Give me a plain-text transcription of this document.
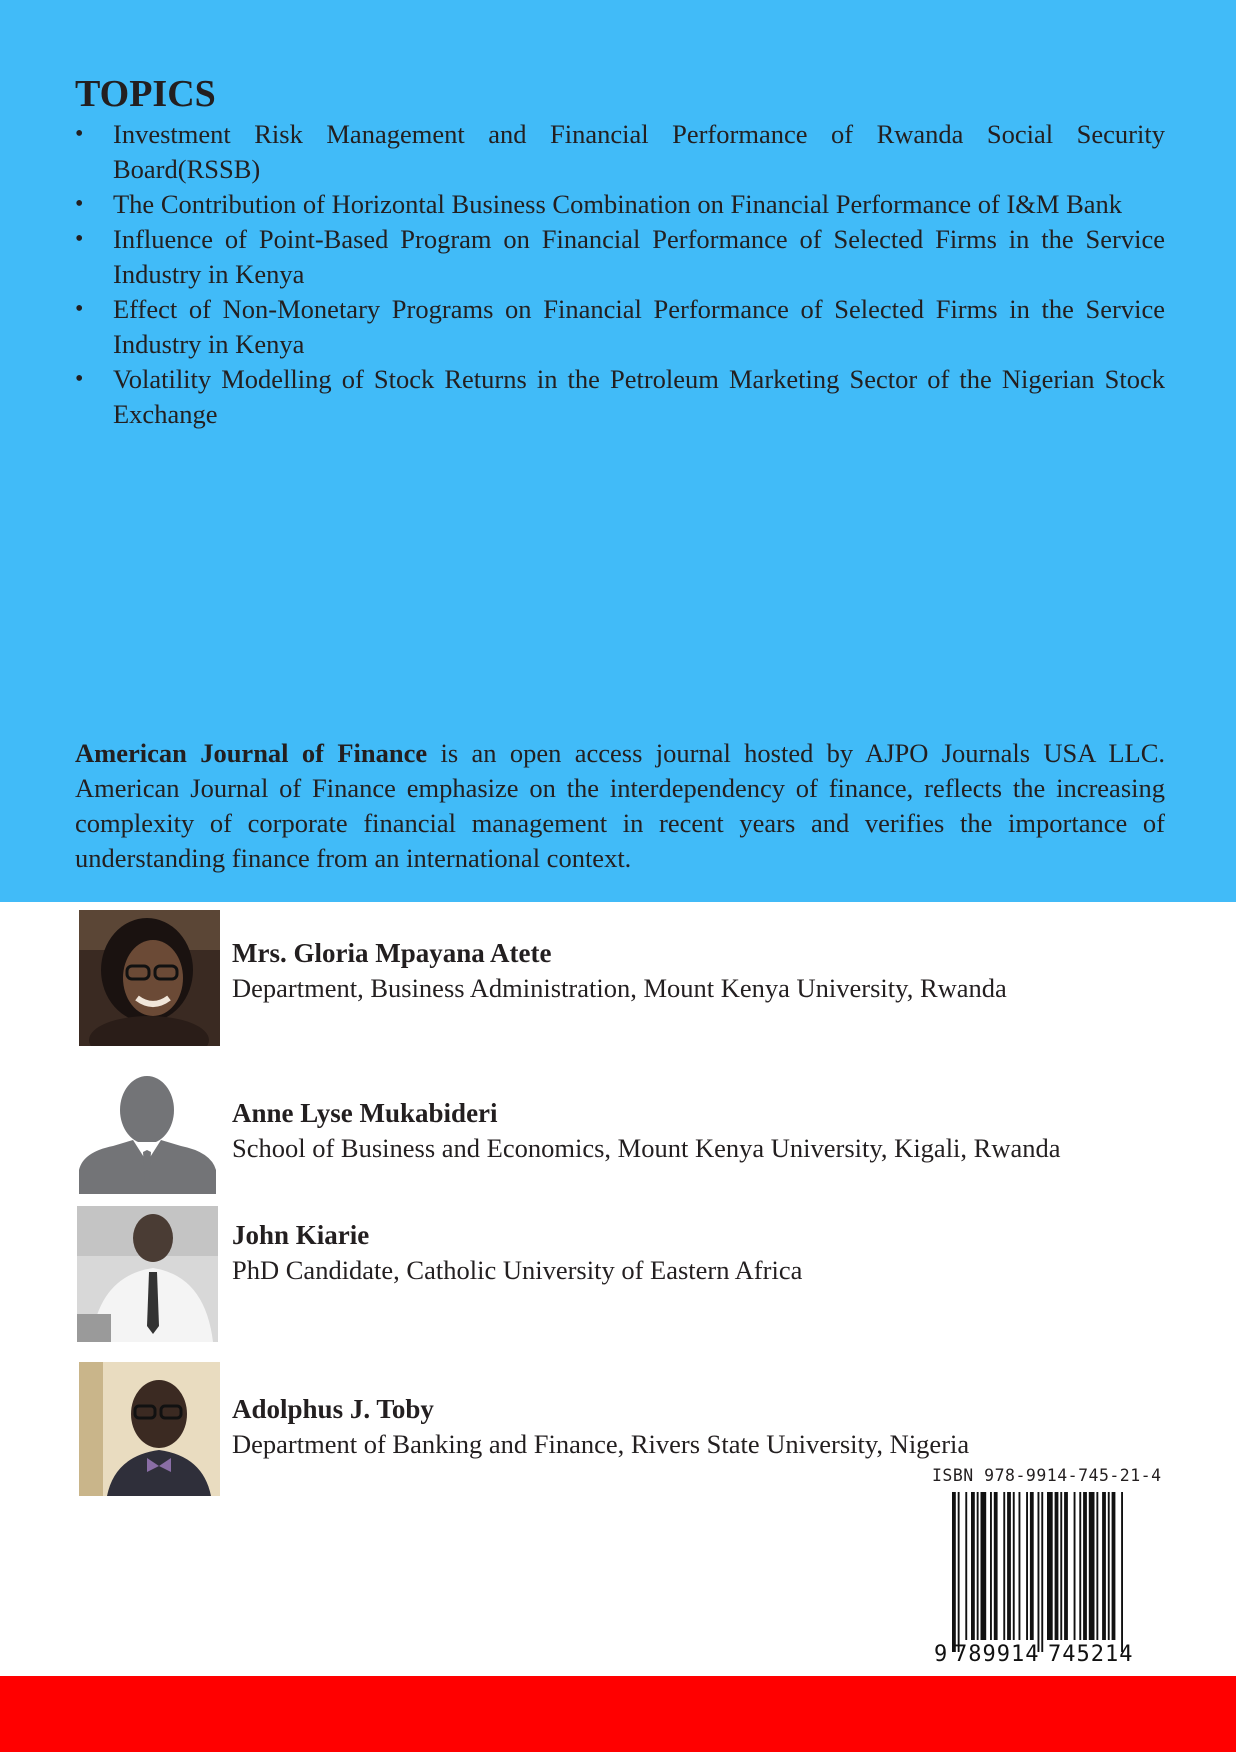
TOPICS
• Investment Risk Management and Financial Performance of Rwanda Social Security Board(RSSB)
• The Contribution of Horizontal Business Combination on Financial Performance of I&M Bank
• Influence of Point-Based Program on Financial Performance of Selected Firms in the Service Industry in Kenya
• Effect of Non-Monetary Programs on Financial Performance of Selected Firms in the Service Industry in Kenya
• Volatility Modelling of Stock Returns in the Petroleum Marketing Sector of the Nigerian Stock Exchange

American Journal of Finance is an open access journal hosted by AJPO Journals USA LLC. American Journal of Finance emphasize on the interdependency of finance, reflects the increasing complexity of corporate financial management in recent years and verifies the importance of understanding finance from an international context.

Mrs. Gloria Mpayana Atete
Department, Business Administration, Mount Kenya University, Rwanda
Anne Lyse Mukabideri
School of Business and Economics, Mount Kenya University, Kigali, Rwanda
John Kiarie
PhD Candidate, Catholic University of Eastern Africa
Adolphus J. Toby
Department of Banking and Finance, Rivers State University, Nigeria
ISBN 978-9914-745-21-4
9 789914 745214
